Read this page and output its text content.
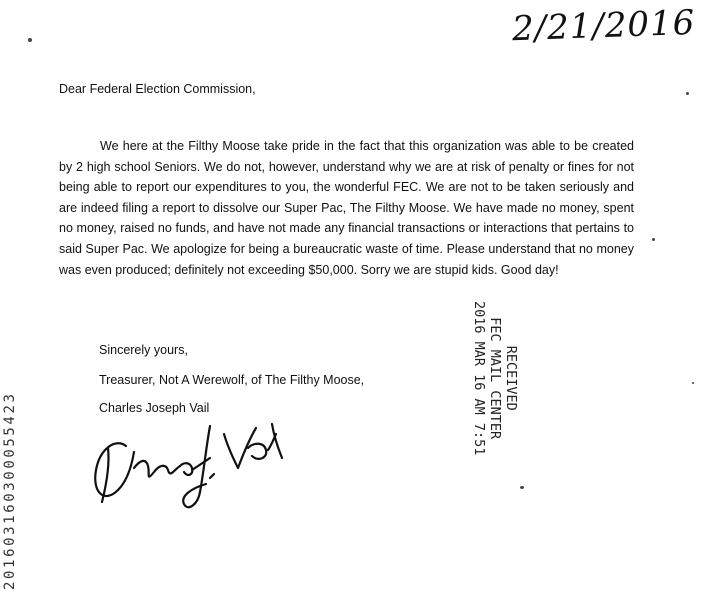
2/21/2016
Dear Federal Election Commission,
We here at the Filthy Moose take pride in the fact that this organization was able to be created by 2 high school Seniors. We do not, however, understand why we are at risk of penalty or fines for not being able to report our expenditures to you, the wonderful FEC. We are not to be taken seriously and are indeed filing a report to dissolve our Super Pac, The Filthy Moose. We have made no money, spent no money, raised no funds, and have not made any financial transactions or interactions that pertains to said Super Pac. We apologize for being a bureaucratic waste of time. Please understand that no money was even produced; definitely not exceeding $50,000. Sorry we are stupid kids. Good day!
Sincerely yours,
Treasurer, Not A Werewolf, of The Filthy Moose,
Charles Joseph Vail	RECEIVED
FEC MAIL CENTER
2016 MAR 16 AM 7:51
201603160300055423
